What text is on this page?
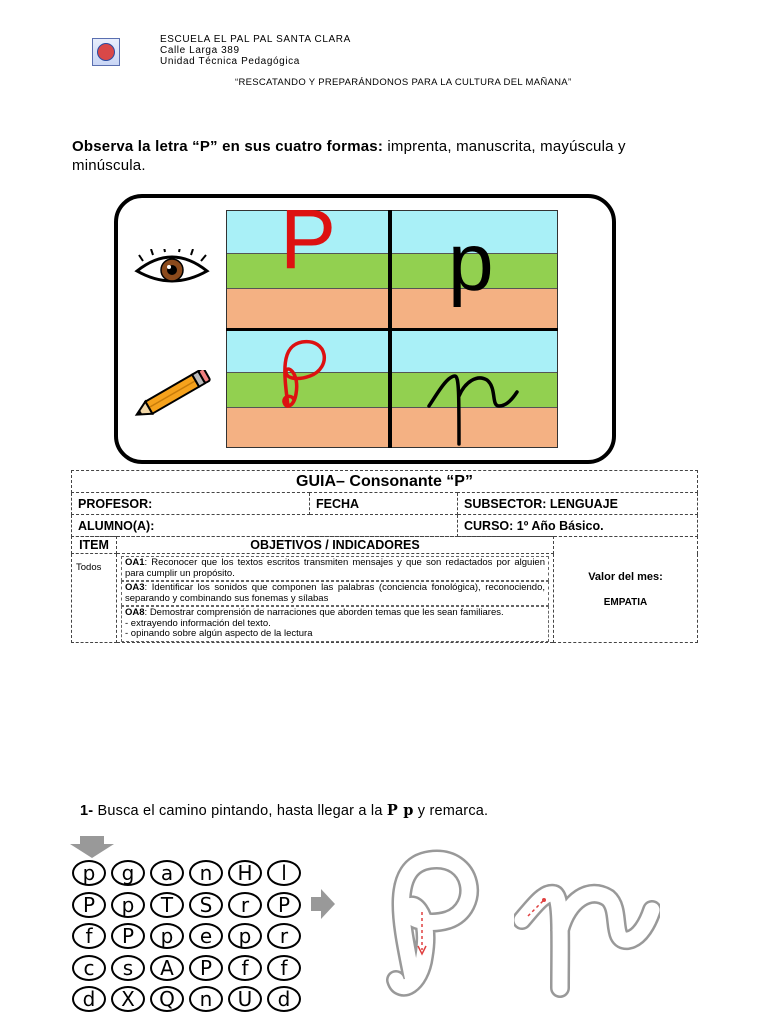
ESCUELA EL PAL PAL SANTA CLARA
Calle Larga 389
Unidad Técnica Pedagógica
“RESCATANDO Y PREPARÁNDONOS PARA LA CULTURA DEL MAÑANA”
Observa la letra “P” en sus cuatro formas: imprenta, manuscrita, mayúscula y minúscula.
P p
GUIA– Consonante “P”		
PROFESOR:	FECHA	SUBSECTOR: LENGUAJE
ALUMNO(A):		CURSO: 1º Año Básico.
ITEM	OBJETIVOS / INDICADORES	Valor del mes:
EMPATIA

Todos	OA1: Reconocer que los textos escritos transmiten mensajes y que son redactados por alguien para cumplir un propósito.
OA3: Identificar los sonidos que componen las palabras (conciencia fonológica), reconociendo, separando y combinando sus fonemas y sílabas
OA8: Demostrar comprensión de narraciones que aborden temas que les sean familiares.
- extrayendo información del texto.
- opinando sobre algún aspecto de la lectura	
1- Busca el camino pintando, hasta llegar a la P p y remarca.
p	g	a	n	H	l
P	p	T	S	r	P
f	P	p	e	p	r
c	s	A	P	f	f
d	X	Q	n	U	d
